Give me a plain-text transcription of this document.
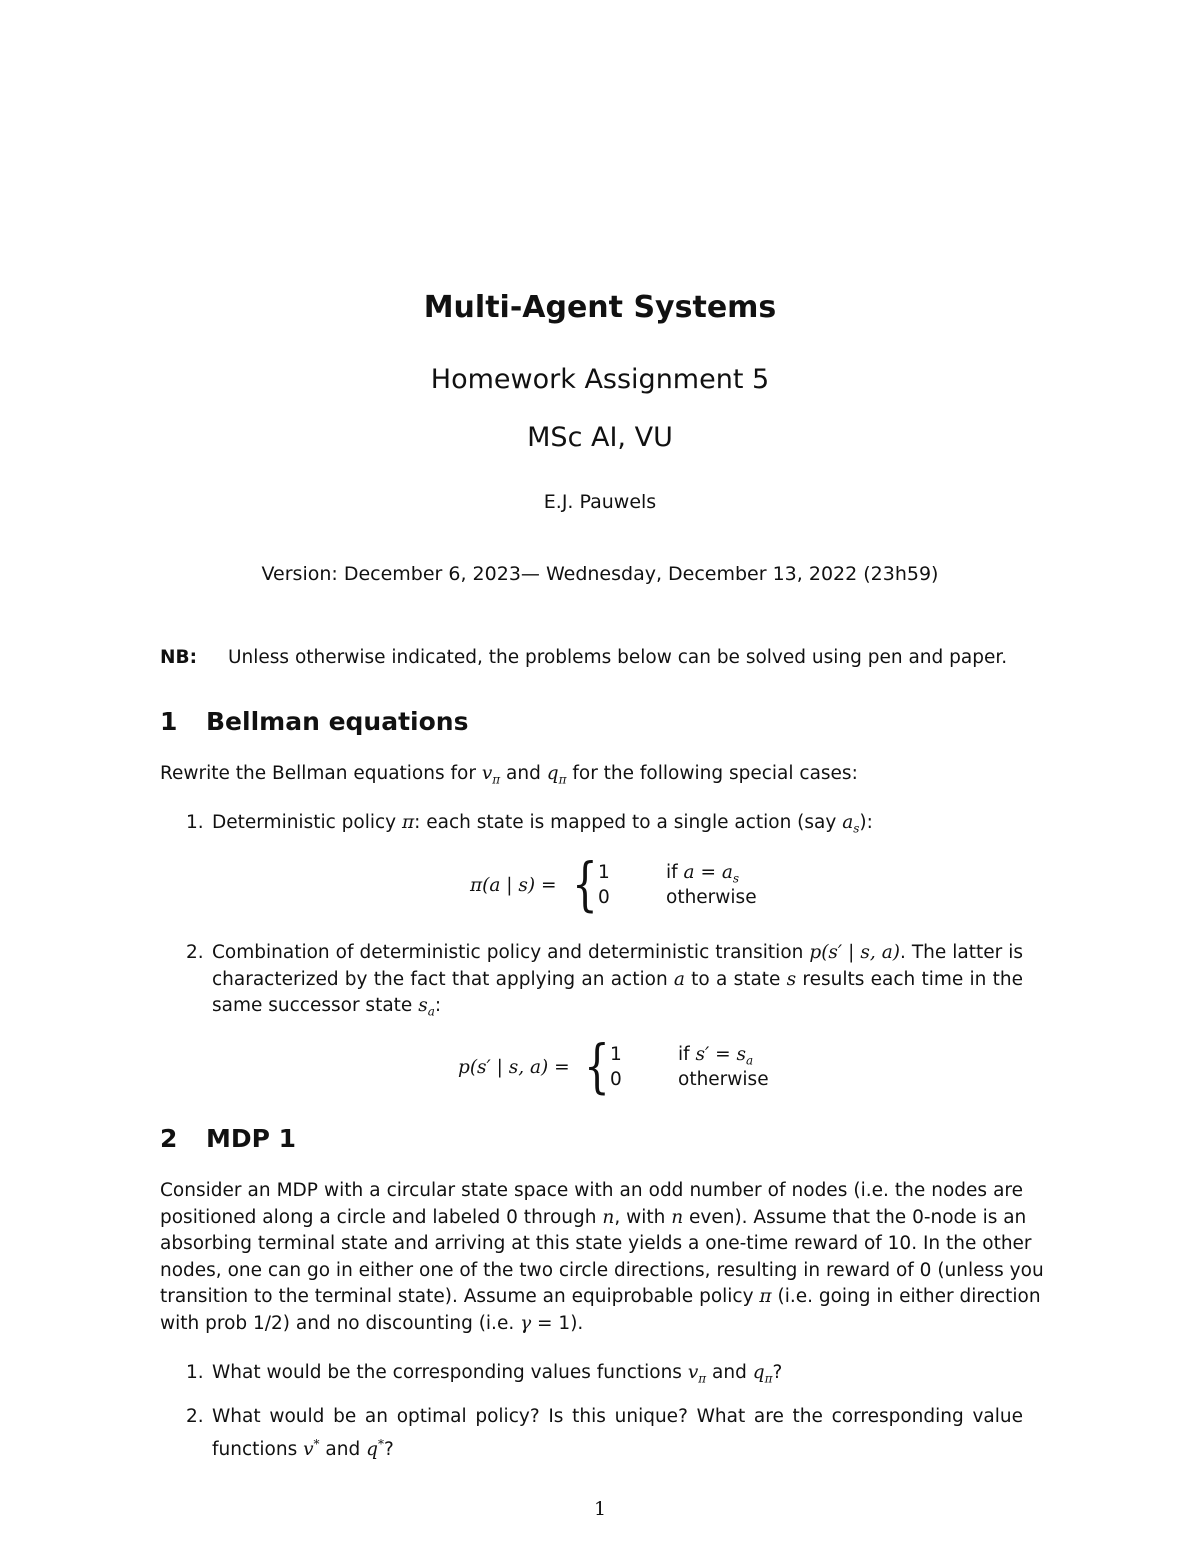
Multi-Agent Systems
Homework Assignment 5
MSc AI, VU
E.J. Pauwels
Version: December 6, 2023— Wednesday, December 13, 2022 (23h59)
NB: Unless otherwise indicated, the problems below can be solved using pen and paper.
1 Bellman equations
Rewrite the Bellman equations for $v_\pi$ and $q_\pi$ for the following special cases:
1. Deterministic policy π: each state is mapped to a single action (say $a_s$):
π(a | s) = { 1	if $a = a_s$
0	otherwise
2. Combination of deterministic policy and deterministic transition p(s′ | s, a). The latter is
characterized by the fact that applying an action a to a state s results each time in the
same successor state $s_a$:
p(s′ | s, a) = { 1	if $s' = s_a$
0	otherwise
2 MDP 1
Consider an MDP with a circular state space with an odd number of nodes (i.e. the nodes are
positioned along a circle and labeled 0 through n, with n even). Assume that the 0-node is an
absorbing terminal state and arriving at this state yields a one-time reward of 10. In the other
nodes, one can go in either one of the two circle directions, resulting in reward of 0 (unless you
transition to the terminal state). Assume an equiprobable policy π (i.e. going in either direction
with prob 1/2) and no discounting (i.e. γ = 1).
1. What would be the corresponding values functions $v_\pi$ and $q_\pi$?
2. What would be an optimal policy? Is this unique? What are the corresponding value
functions v* and q*?
1
